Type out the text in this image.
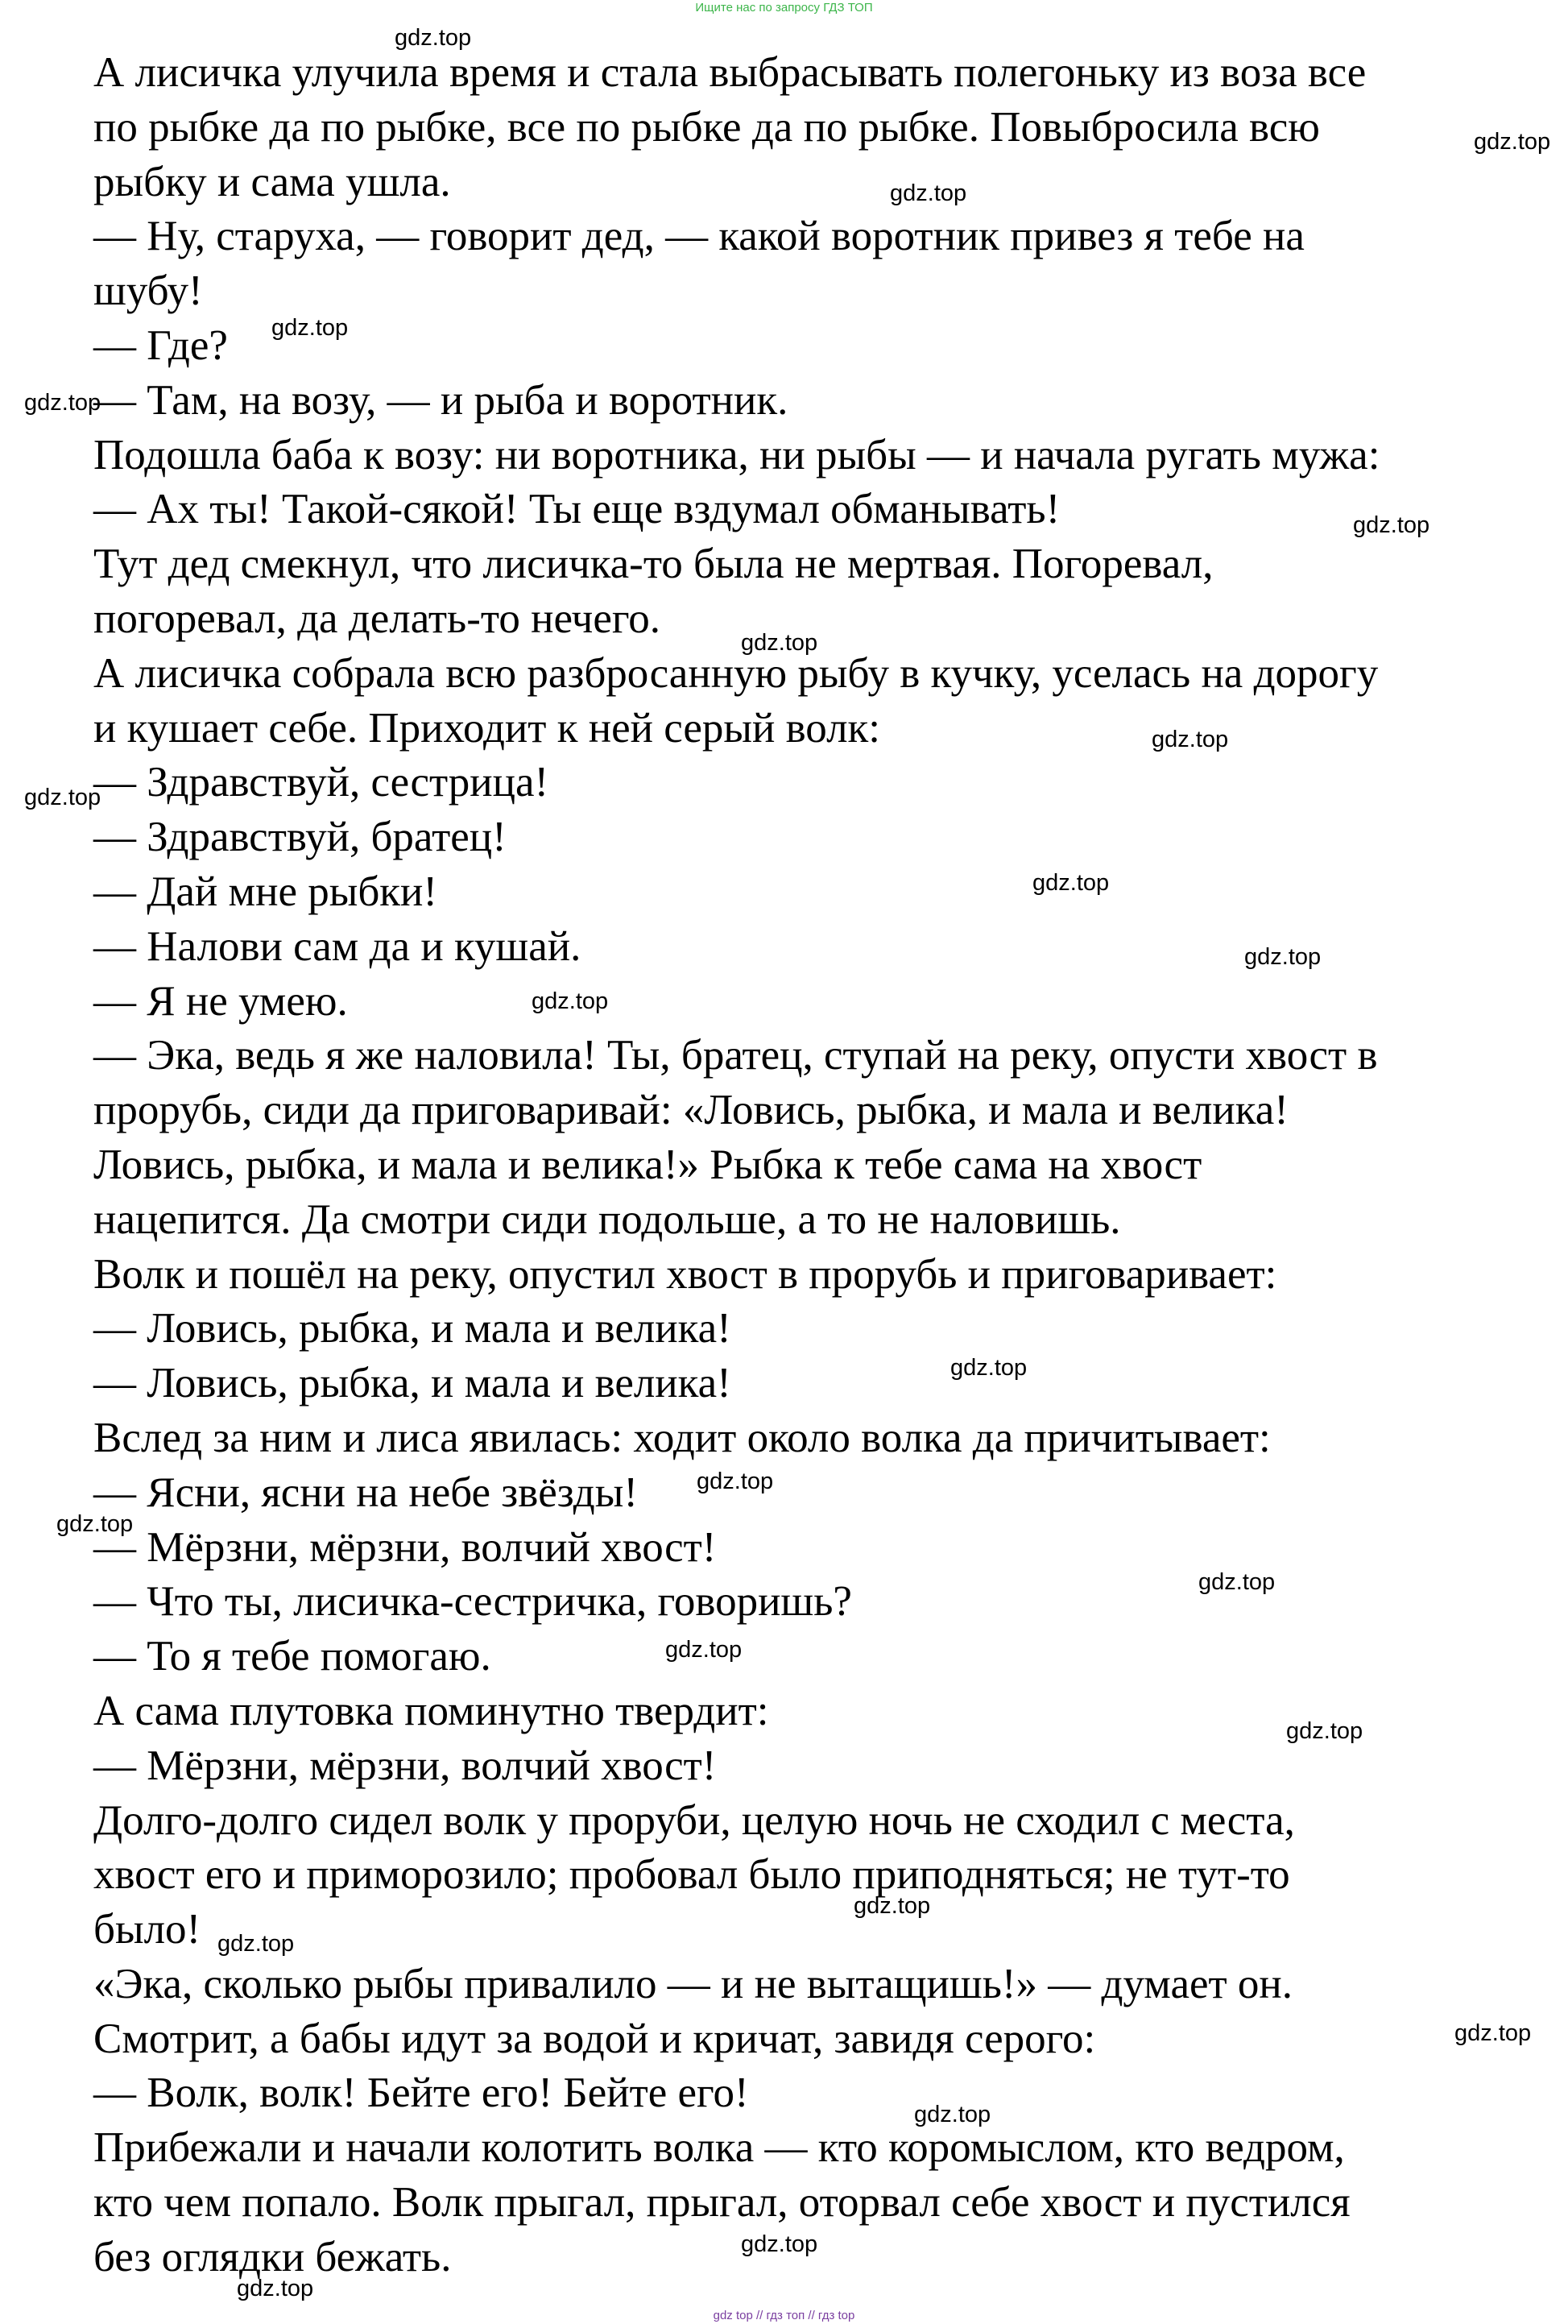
Ищите нас по запросу ГДЗ ТОП

А лисичка улучила время и стала выбрасывать полегоньку из воза все

по рыбке да по рыбке, все по рыбке да по рыбке. Повыбросила всю

рыбку и сама ушла.

— Ну, старуха, — говорит дед, — какой воротник привез я тебе на

шубу!

— Где?

— Там, на возу, — и рыба и воротник.

Подошла баба к возу: ни воротника, ни рыбы — и начала ругать мужа:

— Ах ты! Такой-сякой! Ты еще вздумал обманывать!

Тут дед смекнул, что лисичка-то была не мертвая. Погоревал,

погоревал, да делать-то нечего.

А лисичка собрала всю разбросанную рыбу в кучку, уселась на дорогу

и кушает себе. Приходит к ней серый волк:

— Здравствуй, сестрица!

— Здравствуй, братец!

— Дай мне рыбки!

— Налови сам да и кушай.

— Я не умею.

— Эка, ведь я же наловила! Ты, братец, ступай на реку, опусти хвост в

прорубь, сиди да приговаривай: «Ловись, рыбка, и мала и велика!

Ловись, рыбка, и мала и велика!» Рыбка к тебе сама на хвост

нацепится. Да смотри сиди подольше, а то не наловишь.

Волк и пошёл на реку, опустил хвост в прорубь и приговаривает:

— Ловись, рыбка, и мала и велика!

— Ловись, рыбка, и мала и велика!

Вслед за ним и лиса явилась: ходит около волка да причитывает:

— Ясни, ясни на небе звёзды!

— Мёрзни, мёрзни, волчий хвост!

— Что ты, лисичка-сестричка, говоришь?

— То я тебе помогаю.

А сама плутовка поминутно твердит:

— Мёрзни, мёрзни, волчий хвост!

Долго-долго сидел волк у проруби, целую ночь не сходил с места,

хвост его и приморозило; пробовал было приподняться; не тут-то

было!

«Эка, сколько рыбы привалило — и не вытащишь!» — думает он.

Смотрит, а бабы идут за водой и кричат, завидя серого:

— Волк, волк! Бейте его! Бейте его!

Прибежали и начали колотить волка — кто коромыслом, кто ведром,

кто чем попало. Волк прыгал, прыгал, оторвал себе хвост и пустился

без оглядки бежать.

gdz.top
gdz.top
gdz.top
gdz.top
gdz.top
gdz.top
gdz.top
gdz.top
gdz.top
gdz.top
gdz.top
gdz.top
gdz.top
gdz.top
gdz.top
gdz.top
gdz.top
gdz.top
gdz.top
gdz.top
gdz.top
gdz.top
gdz.top
gdz.top
gdz top // гдз топ // гдз top
